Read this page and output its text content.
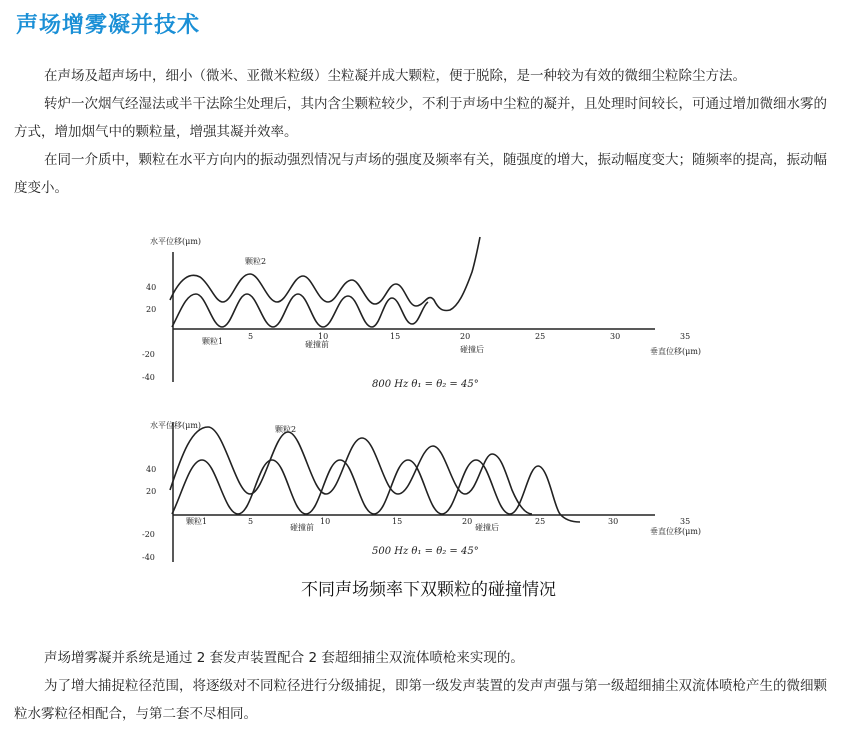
声场增雾凝并技术

在声场及超声场中，细小（微米、亚微米粒级）尘粒凝并成大颗粒，便于脱除，是一种较为有效的微细尘粒除尘方法。

转炉一次烟气经湿法或半干法除尘处理后，其内含尘颗粒较少，不利于声场中尘粒的凝并，且处理时间较长，可通过增加微细水雾的方式，增加烟气中的颗粒量，增强其凝并效率。

在同一介质中，颗粒在水平方向内的振动强烈情况与声场的强度及频率有关，随强度的增大，振动幅度变大；随频率的提高，振动幅度变小。

水平位移(μm)
颗粒2
颗粒1	碰撞前
碰撞后	垂直位移(μm)
40
20
-20
-40
5	10	15	20	25	30	35
800 Hz θ₁ = θ₂ = 45°
水平位移(μm)	颗粒2
颗粒1
碰撞前	碰撞后	垂直位移(μm)
40
20
-20
-40
5	10	15	20	25	30	35
500 Hz θ₁ = θ₂ = 45°
不同声场频率下双颗粒的碰撞情况

声场增雾凝并系统是通过 2 套发声装置配合 2 套超细捕尘双流体喷枪来实现的。

为了增大捕捉粒径范围，将逐级对不同粒径进行分级捕捉，即第一级发声装置的发声声强与第一级超细捕尘双流体喷枪产生的微细颗粒水雾粒径相配合，与第二套不尽相同。
